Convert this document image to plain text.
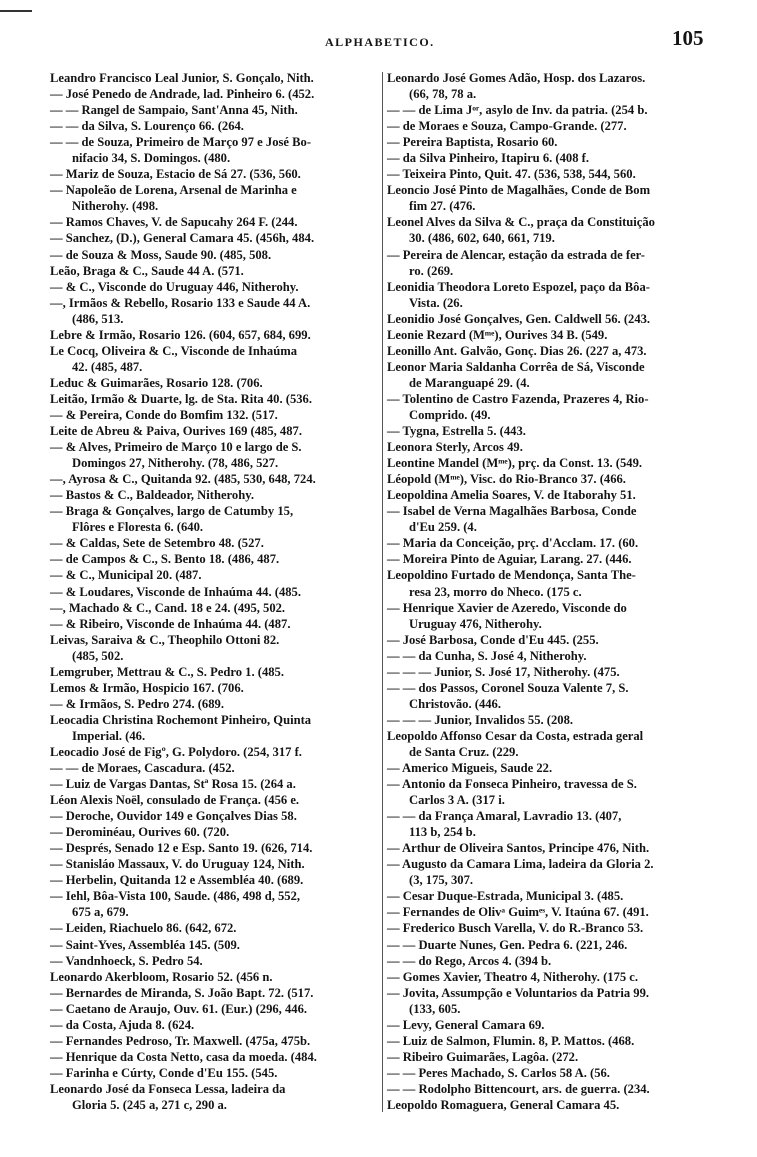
ALPHABETICO.	105
Leandro Francisco Leal Junior, S. Gonçalo, Nith.
— José Penedo de Andrade, lad. Pinheiro 6. (452.
— — Rangel de Sampaio, Sant'Anna 45, Nith.
— — da Silva, S. Lourenço 66. (264.
— — de Souza, Primeiro de Março 97 e José Bo-
nifacio 34, S. Domingos. (480.
— Mariz de Souza, Estacio de Sá 27. (536, 560.
— Napoleão de Lorena, Arsenal de Marinha e
Nitherohy. (498.
— Ramos Chaves, V. de Sapucahy 264 F. (244.
— Sanchez, (D.), General Camara 45. (456h, 484.
— de Souza & Moss, Saude 90. (485, 508.
Leão, Braga & C., Saude 44 A. (571.
— & C., Visconde do Uruguay 446, Nitherohy.
—, Irmãos & Rebello, Rosario 133 e Saude 44 A.
(486, 513.
Lebre & Irmão, Rosario 126. (604, 657, 684, 699.
Le Cocq, Oliveira & C., Visconde de Inhaúma
42. (485, 487.
Leduc & Guimarães, Rosario 128. (706.
Leitão, Irmão & Duarte, lg. de Sta. Rita 40. (536.
— & Pereira, Conde do Bomfim 132. (517.
Leite de Abreu & Paiva, Ourives 169 (485, 487.
— & Alves, Primeiro de Março 10 e largo de S.
Domingos 27, Nitherohy. (78, 486, 527.
—, Ayrosa & C., Quitanda 92. (485, 530, 648, 724.
— Bastos & C., Baldeador, Nitherohy.
— Braga & Gonçalves, largo de Catumby 15,
Flôres e Floresta 6. (640.
— & Caldas, Sete de Setembro 48. (527.
— de Campos & C., S. Bento 18. (486, 487.
— & C., Municipal 20. (487.
— & Loudares, Visconde de Inhaúma 44. (485.
—, Machado & C., Cand. 18 e 24. (495, 502.
— & Ribeiro, Visconde de Inhaúma 44. (487.
Leivas, Saraiva & C., Theophilo Ottoni 82.
(485, 502.
Lemgruber, Mettrau & C., S. Pedro 1. (485.
Lemos & Irmão, Hospicio 167. (706.
— & Irmãos, S. Pedro 274. (689.
Leocadia Christina Rochemont Pinheiro, Quinta
Imperial. (46.
Leocadio José de Figº, G. Polydoro. (254, 317 f.
— — de Moraes, Cascadura. (452.
— Luiz de Vargas Dantas, Stª Rosa 15. (264 a.
Léon Alexis Noël, consulado de França. (456 e.
— Deroche, Ouvidor 149 e Gonçalves Dias 58.
— Derominéau, Ourives 60. (720.
— Després, Senado 12 e Esp. Santo 19. (626, 714.
— Stanisláo Massaux, V. do Uruguay 124, Nith.
— Herbelin, Quitanda 12 e Assembléa 40. (689.
— Iehl, Bôa-Vista 100, Saude. (486, 498 d, 552,
675 a, 679.
— Leiden, Riachuelo 86. (642, 672.
— Saint-Yves, Assembléa 145. (509.
— Vandnhoeck, S. Pedro 54.
Leonardo Akerbloom, Rosario 52. (456 n.
— Bernardes de Miranda, S. João Bapt. 72. (517.
— Caetano de Araujo, Ouv. 61. (Eur.) (296, 446.
— da Costa, Ajuda 8. (624.
— Fernandes Pedroso, Tr. Maxwell. (475a, 475b.
— Henrique da Costa Netto, casa da moeda. (484.
— Farinha e Cúrty, Conde d'Eu 155. (545.
Leonardo José da Fonseca Lessa, ladeira da
Gloria 5. (245 a, 271 c, 290 a.
Leonardo José Gomes Adão, Hosp. dos Lazaros.
(66, 78, 78 a.
— — de Lima Jᵒʳ, asylo de Inv. da patria. (254 b.
— de Moraes e Souza, Campo-Grande. (277.
— Pereira Baptista, Rosario 60.
— da Silva Pinheiro, Itapiru 6. (408 f.
— Teixeira Pinto, Quit. 47. (536, 538, 544, 560.
Leoncio José Pinto de Magalhães, Conde de Bom
fim 27. (476.
Leonel Alves da Silva & C., praça da Constituição
30. (486, 602, 640, 661, 719.
— Pereira de Alencar, estação da estrada de fer-
ro. (269.
Leonidia Theodora Loreto Espozel, paço da Bôa-
Vista. (26.
Leonidio José Gonçalves, Gen. Caldwell 56. (243.
Leonie Rezard (Mᵐᵉ), Ourives 34 B. (549.
Leonillo Ant. Galvão, Gonç. Dias 26. (227 a, 473.
Leonor Maria Saldanha Corrêa de Sá, Visconde
de Maranguapé 29. (4.
— Tolentino de Castro Fazenda, Prazeres 4, Rio-
Comprido. (49.
— Tygna, Estrella 5. (443.
Leonora Sterly, Arcos 49.
Leontine Mandel (Mᵐᵉ), prç. da Const. 13. (549.
Léopold (Mᵐᵉ), Visc. do Rio-Branco 37. (466.
Leopoldina Amelia Soares, V. de Itaborahy 51.
— Isabel de Verna Magalhães Barbosa, Conde
d'Eu 259. (4.
— Maria da Conceição, prç. d'Acclam. 17. (60.
— Moreira Pinto de Aguiar, Larang. 27. (446.
Leopoldino Furtado de Mendonça, Santa The-
resa 23, morro do Nheco. (175 c.
— Henrique Xavier de Azeredo, Visconde do
Uruguay 476, Nitherohy.
— José Barbosa, Conde d'Eu 445. (255.
— — da Cunha, S. José 4, Nitherohy.
— — — Junior, S. José 17, Nitherohy. (475.
— — dos Passos, Coronel Souza Valente 7, S.
Christovão. (446.
— — — Junior, Invalidos 55. (208.
Leopoldo Affonso Cesar da Costa, estrada geral
de Santa Cruz. (229.
— Americo Migueis, Saude 22.
— Antonio da Fonseca Pinheiro, travessa de S.
Carlos 3 A. (317 i.
— — da França Amaral, Lavradio 13. (407,
113 b, 254 b.
— Arthur de Oliveira Santos, Principe 476, Nith.
— Augusto da Camara Lima, ladeira da Gloria 2.
(3, 175, 307.
— Cesar Duque-Estrada, Municipal 3. (485.
— Fernandes de Olivᵃ Guimᵉˢ, V. Itaúna 67. (491.
— Frederico Busch Varella, V. do R.-Branco 53.
— — Duarte Nunes, Gen. Pedra 6. (221, 246.
— — do Rego, Arcos 4. (394 b.
— Gomes Xavier, Theatro 4, Nitherohy. (175 c.
— Jovita, Assumpção e Voluntarios da Patria 99.
(133, 605.
— Levy, General Camara 69.
— Luiz de Salmon, Flumin. 8, P. Mattos. (468.
— Ribeiro Guimarães, Lagôa. (272.
— — Peres Machado, S. Carlos 58 A. (56.
— — Rodolpho Bittencourt, ars. de guerra. (234.
Leopoldo Romaguera, General Camara 45.
